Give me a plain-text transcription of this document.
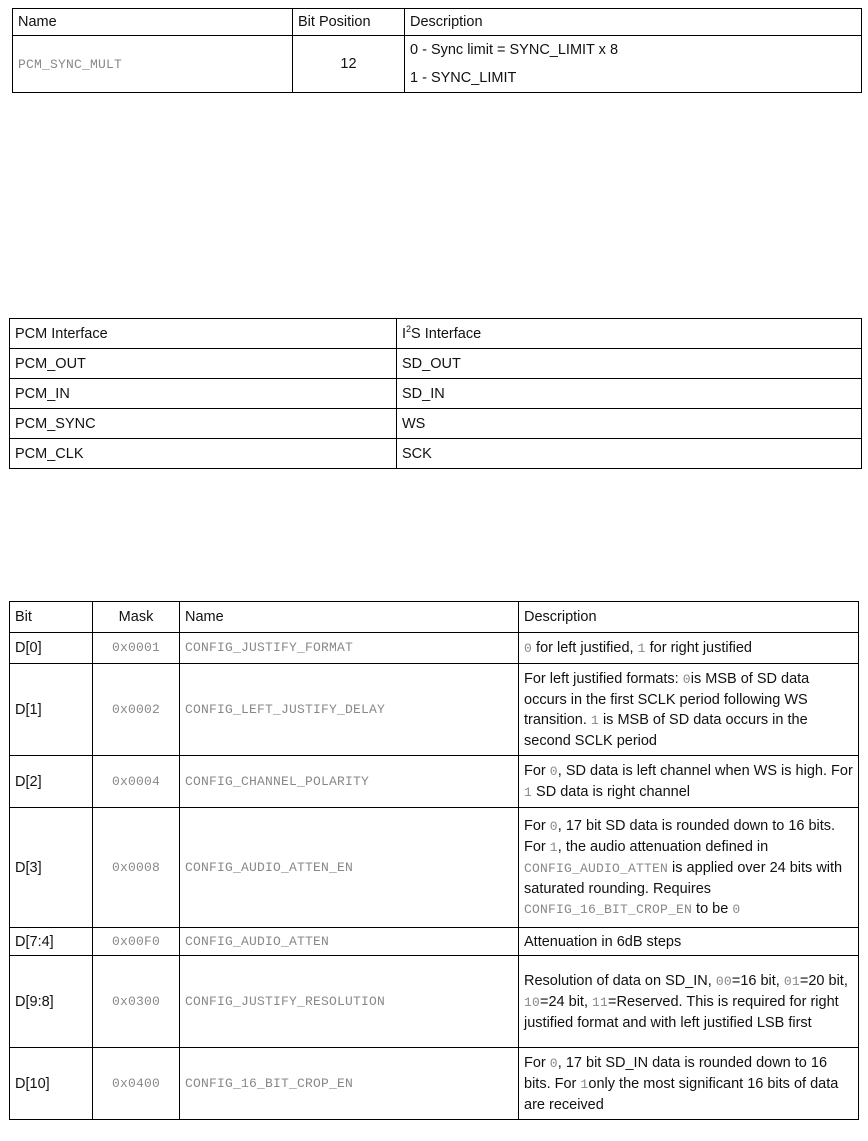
Name	Bit Position	Description
PCM_SYNC_MULT	12	0 - Sync limit = SYNC_LIMIT x 8
1 - SYNC_LIMIT
PCM Interface	$I^2S$ Interface
PCM_OUT	SD_OUT
PCM_IN	SD_IN
PCM_SYNC	WS
PCM_CLK	SCK
Bit	Mask	Name	Description
D[0]	0x0001	CONFIG_JUSTIFY_FORMAT	0 for left justified, 1 for right justified
D[1]	0x0002	CONFIG_LEFT_JUSTIFY_DELAY	For left justified formats: 0is MSB of SD data occurs in the first SCLK period following WS transition. 1 is MSB of SD data occurs in the second SCLK period
D[2]	0x0004	CONFIG_CHANNEL_POLARITY	For 0, SD data is left channel when WS is high. For 1 SD data is right channel
D[3]	0x0008	CONFIG_AUDIO_ATTEN_EN	For 0, 17 bit SD data is rounded down to 16 bits. For 1, the audio attenuation defined in CONFIG_AUDIO_ATTEN is applied over 24 bits with saturated rounding. Requires CONFIG_16_BIT_CROP_EN to be 0
D[7:4]	0x00F0	CONFIG_AUDIO_ATTEN	Attenuation in 6dB steps
D[9:8]	0x0300	CONFIG_JUSTIFY_RESOLUTION	Resolution of data on SD_IN, 00=16 bit, 01=20 bit, 10=24 bit, 11=Reserved. This is required for right justified format and with left justified LSB first
D[10]	0x0400	CONFIG_16_BIT_CROP_EN	For 0, 17 bit SD_IN data is rounded down to 16 bits. For 1only the most significant 16 bits of data are received
